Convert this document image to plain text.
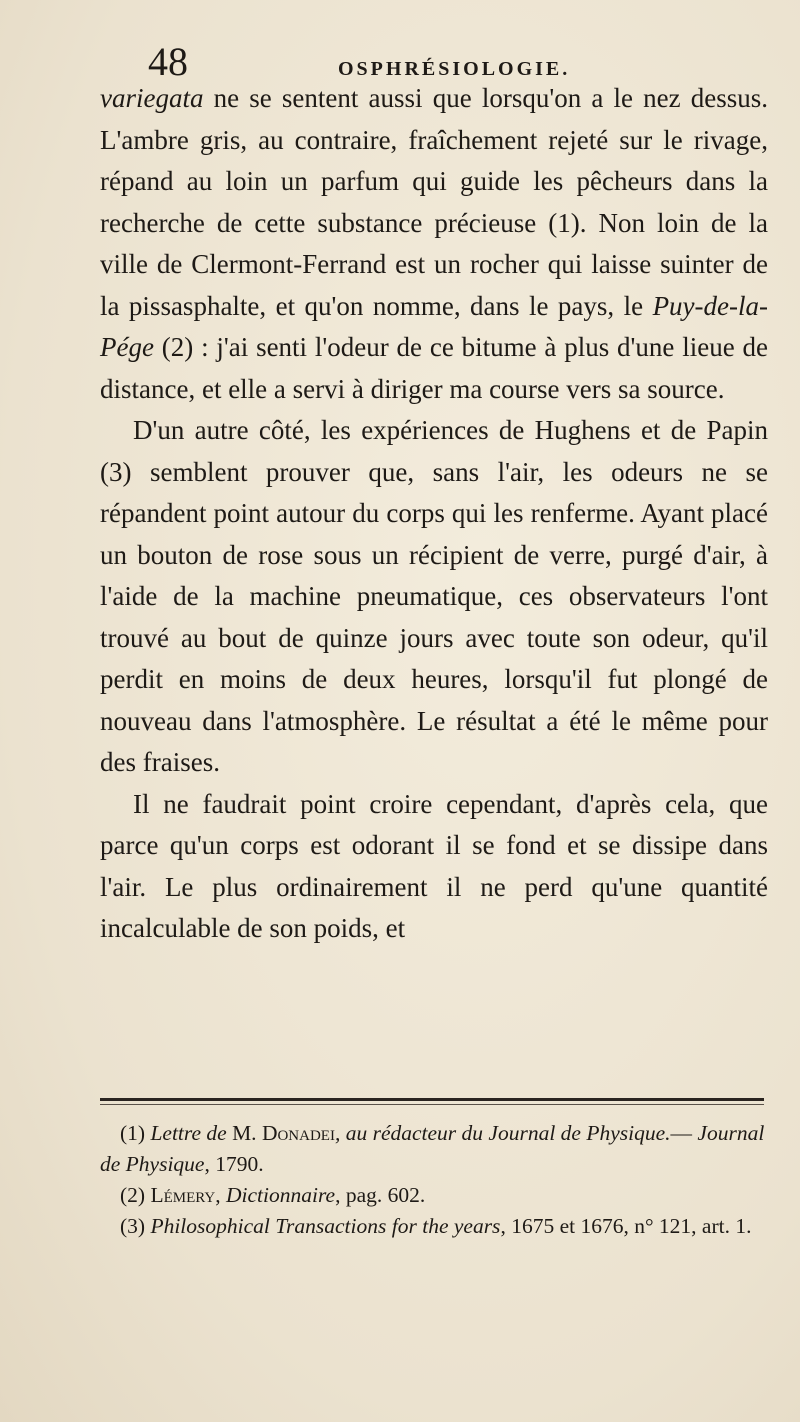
48	OSPHRÉSIOLOGIE.

variegata ne se sentent aussi que lorsqu'on a le nez dessus. L'ambre gris, au contraire, fraîchement rejeté sur le rivage, répand au loin un parfum qui guide les pêcheurs dans la recherche de cette substance précieuse (1). Non loin de la ville de Clermont-Ferrand est un rocher qui laisse suinter de la pissasphalte, et qu'on nomme, dans le pays, le Puy-de-la-Pége (2) : j'ai senti l'odeur de ce bitume à plus d'une lieue de distance, et elle a servi à diriger ma course vers sa source.

D'un autre côté, les expériences de Hughens et de Papin (3) semblent prouver que, sans l'air, les odeurs ne se répandent point autour du corps qui les renferme. Ayant placé un bouton de rose sous un récipient de verre, purgé d'air, à l'aide de la machine pneumatique, ces observateurs l'ont trouvé au bout de quinze jours avec toute son odeur, qu'il perdit en moins de deux heures, lorsqu'il fut plongé de nouveau dans l'atmosphère. Le résultat a été le même pour des fraises.

Il ne faudrait point croire cependant, d'après cela, que parce qu'un corps est odorant il se fond et se dissipe dans l'air. Le plus ordinairement il ne perd qu'une quantité incalculable de son poids, et

(1) Lettre de M. Donadei, au rédacteur du Journal de Physique.— Journal de Physique, 1790.

(2) Lémery, Dictionnaire, pag. 602.

(3) Philosophical Transactions for the years, 1675 et 1676, n° 121, art. 1.
